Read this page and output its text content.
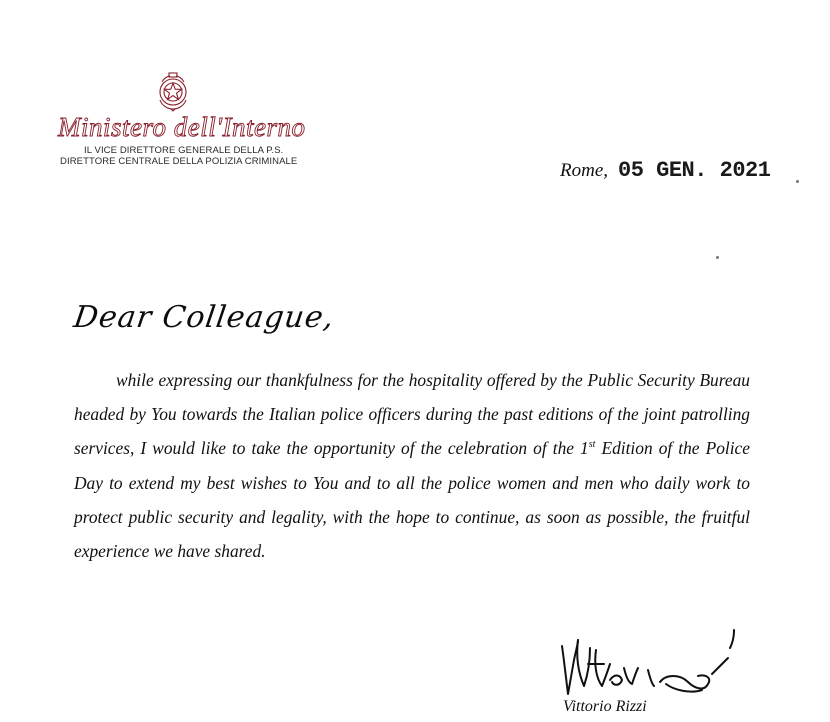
Ministero dell'Interno
IL VICE DIRETTORE GENERALE DELLA P.S.
DIRETTORE CENTRALE DELLA POLIZIA CRIMINALE	Rome, 05 GEN. 2021
Dear Colleague,
while expressing our thankfulness for the hospitality offered by the Public Security Bureau headed by You towards the Italian police officers during the past editions of the joint patrolling services, I would like to take the opportunity of the celebration of the 1st Edition of the Police Day to extend my best wishes to You and to all the police women and men who daily work to protect public security and legality, with the hope to continue, as soon as possible, the fruitful experience we have shared.
Vittorio Rizzi
